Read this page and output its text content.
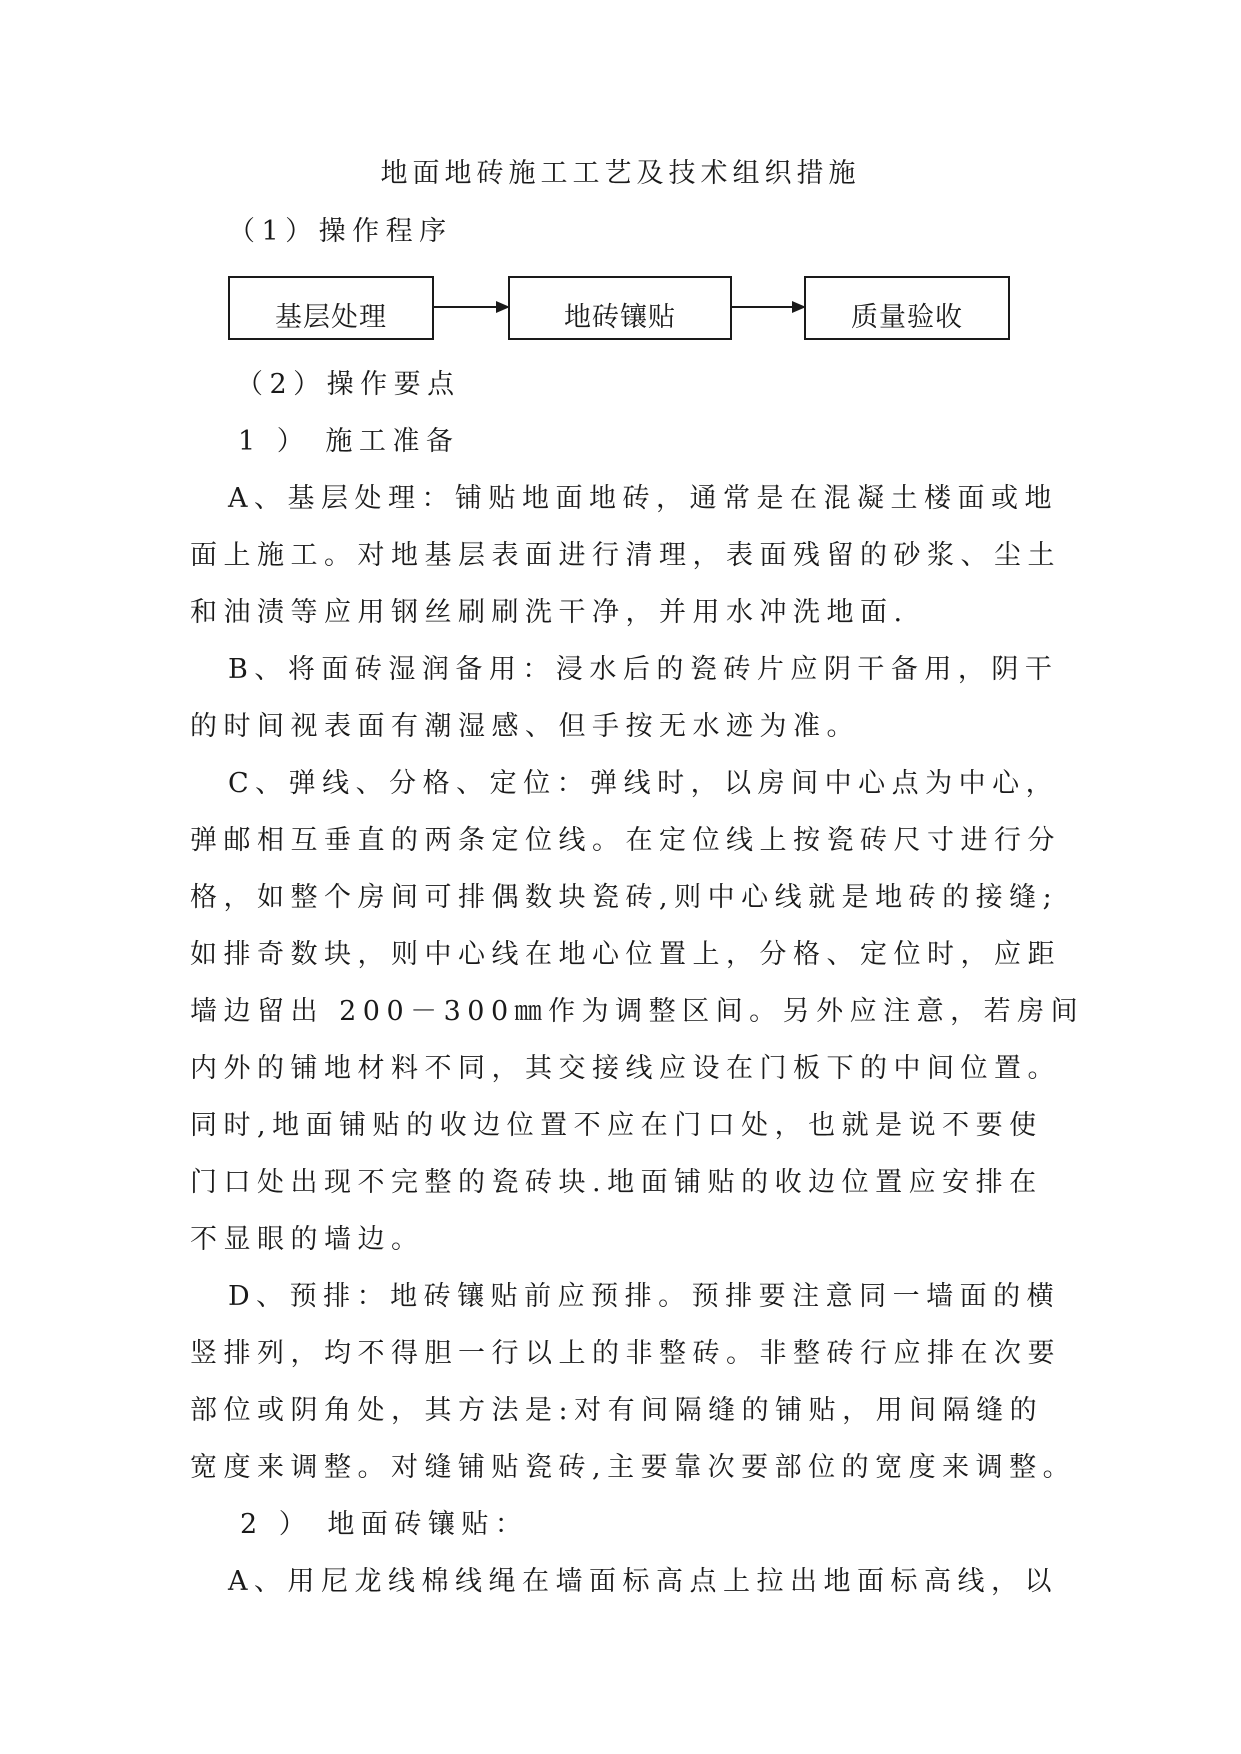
地面地砖施工工艺及技术组织措施

（1）操作程序

基层处理	地砖镶贴	质量验收

（2）操作要点

1 ） 施工准备

A、基层处理：铺贴地面地砖，通常是在混凝土楼面或地

面上施工。对地基层表面进行清理，表面残留的砂浆、尘土

和油渍等应用钢丝刷刷洗干净，并用水冲洗地面.

B、将面砖湿润备用：浸水后的瓷砖片应阴干备用，阴干

的时间视表面有潮湿感、但手按无水迹为准。

C、弹线、分格、定位：弹线时，以房间中心点为中心，

弹邮相互垂直的两条定位线。在定位线上按瓷砖尺寸进行分

格，如整个房间可排偶数块瓷砖,则中心线就是地砖的接缝;

如排奇数块，则中心线在地心位置上，分格、定位时，应距

墙边留出 200－300㎜作为调整区间。另外应注意，若房间

内外的铺地材料不同，其交接线应设在门板下的中间位置。

同时,地面铺贴的收边位置不应在门口处，也就是说不要使

门口处出现不完整的瓷砖块.地面铺贴的收边位置应安排在

不显眼的墙边。

D、预排：地砖镶贴前应预排。预排要注意同一墙面的横

竖排列，均不得胆一行以上的非整砖。非整砖行应排在次要

部位或阴角处，其方法是:对有间隔缝的铺贴，用间隔缝的

宽度来调整。对缝铺贴瓷砖,主要靠次要部位的宽度来调整。

2 ） 地面砖镶贴：

A、用尼龙线棉线绳在墙面标高点上拉出地面标高线，以
